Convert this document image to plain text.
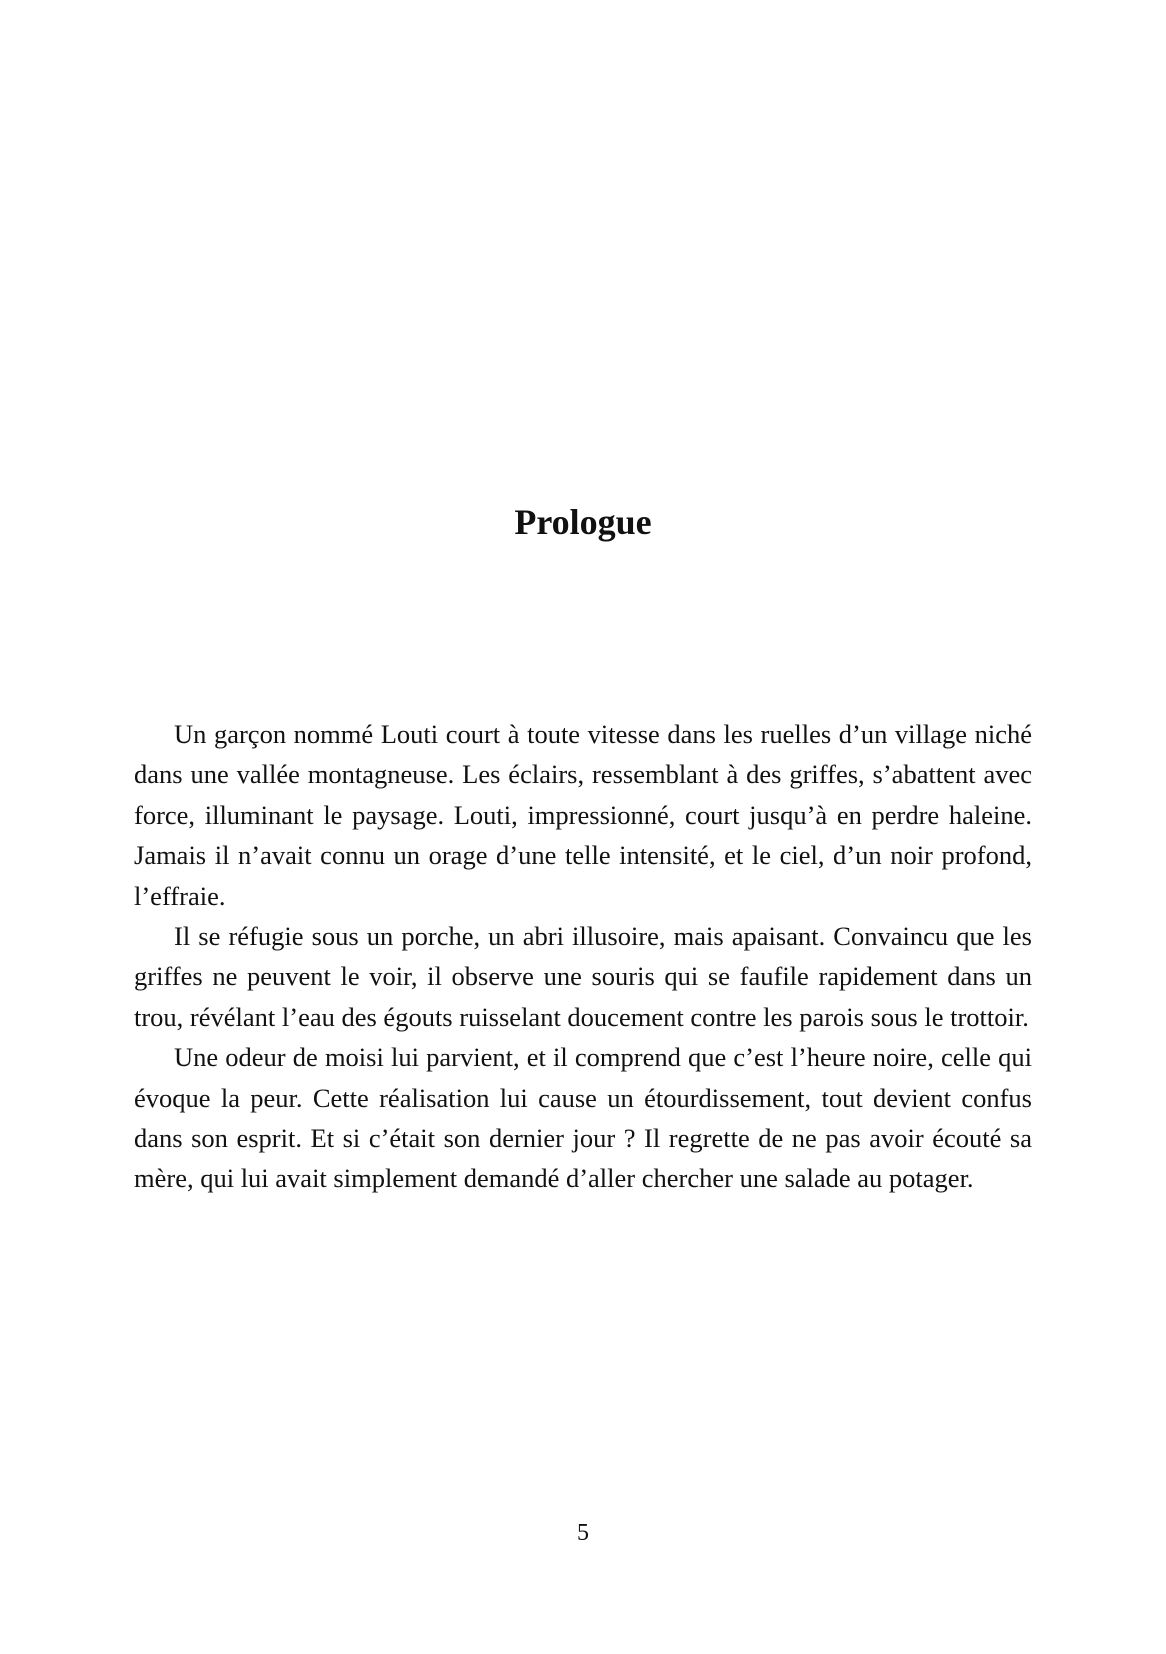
Prologue

Un garçon nommé Louti court à toute vitesse dans les ruelles d’un village niché dans une vallée montagneuse. Les éclairs, ressemblant à des griffes, s’abattent avec force, illuminant le paysage. Louti, impressionné, court jusqu’à en perdre haleine. Jamais il n’avait connu un orage d’une telle intensité, et le ciel, d’un noir profond, l’effraie.

Il se réfugie sous un porche, un abri illusoire, mais apaisant. Convaincu que les griffes ne peuvent le voir, il observe une souris qui se faufile rapidement dans un trou, révélant l’eau des égouts ruisselant doucement contre les parois sous le trottoir.

Une odeur de moisi lui parvient, et il comprend que c’est l’heure noire, celle qui évoque la peur. Cette réalisation lui cause un étourdissement, tout devient confus dans son esprit. Et si c’était son dernier jour ? Il regrette de ne pas avoir écouté sa mère, qui lui avait simplement demandé d’aller chercher une salade au potager.

5
